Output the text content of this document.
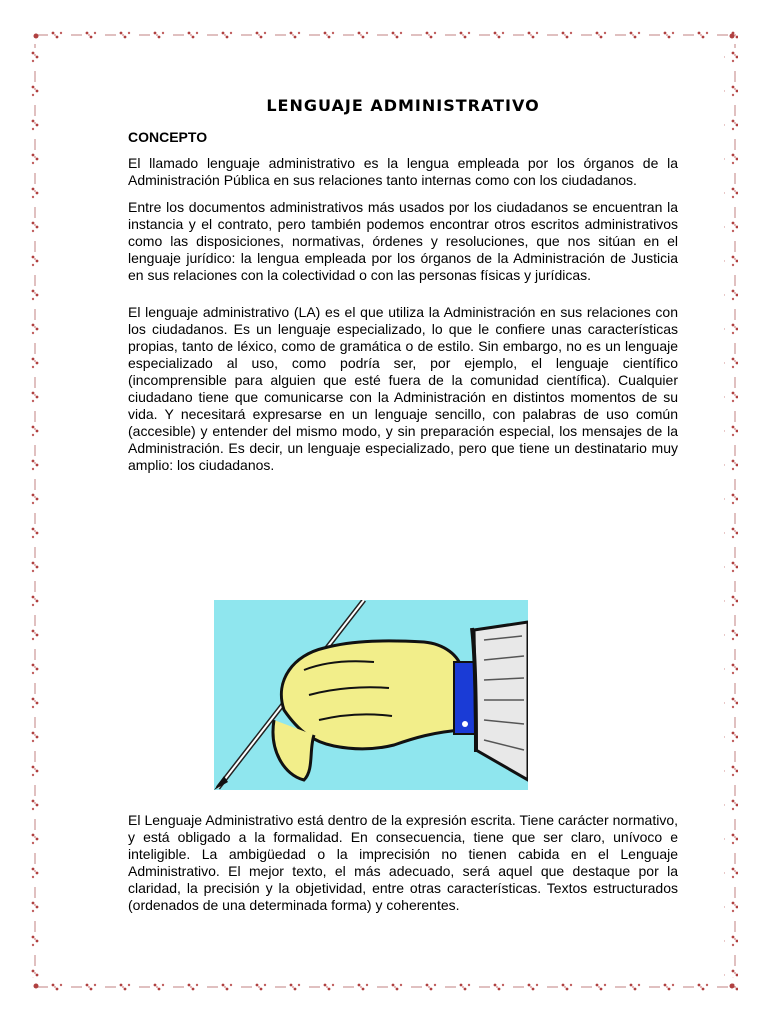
LENGUAJE ADMINISTRATIVO
CONCEPTO

El llamado lenguaje administrativo es la lengua empleada por los órganos de la Administración Pública en sus relaciones tanto internas como con los ciudadanos.

Entre los documentos administrativos más usados por los ciudadanos se encuentran la instancia y el contrato, pero también podemos encontrar otros escritos administrativos como las disposiciones, normativas, órdenes y resoluciones, que nos sitúan en el lenguaje jurídico: la lengua empleada por los órganos de la Administración de Justicia en sus relaciones con la colectividad o con las personas físicas y jurídicas.

El lenguaje administrativo (LA) es el que utiliza la Administración en sus relaciones con los ciudadanos. Es un lenguaje especializado, lo que le confiere unas características propias, tanto de léxico, como de gramática o de estilo. Sin embargo, no es un lenguaje especializado al uso, como podría ser, por ejemplo, el lenguaje científico (incomprensible para alguien que esté fuera de la comunidad científica). Cualquier ciudadano tiene que comunicarse con la Administración en distintos momentos de su vida. Y necesitará expresarse en un lenguaje sencillo, con palabras de uso común (accesible) y entender del mismo modo, y sin preparación especial, los mensajes de la Administración. Es decir, un lenguaje especializado, pero que tiene un destinatario muy amplio: los ciudadanos.

El Lenguaje Administrativo está dentro de la expresión escrita. Tiene carácter normativo, y está obligado a la formalidad. En consecuencia, tiene que ser claro, unívoco e inteligible. La ambigüedad o la imprecisión no tienen cabida en el Lenguaje Administrativo. El mejor texto, el más adecuado, será aquel que destaque por la claridad, la precisión y la objetividad, entre otras características. Textos estructurados (ordenados de una determinada forma) y coherentes.
